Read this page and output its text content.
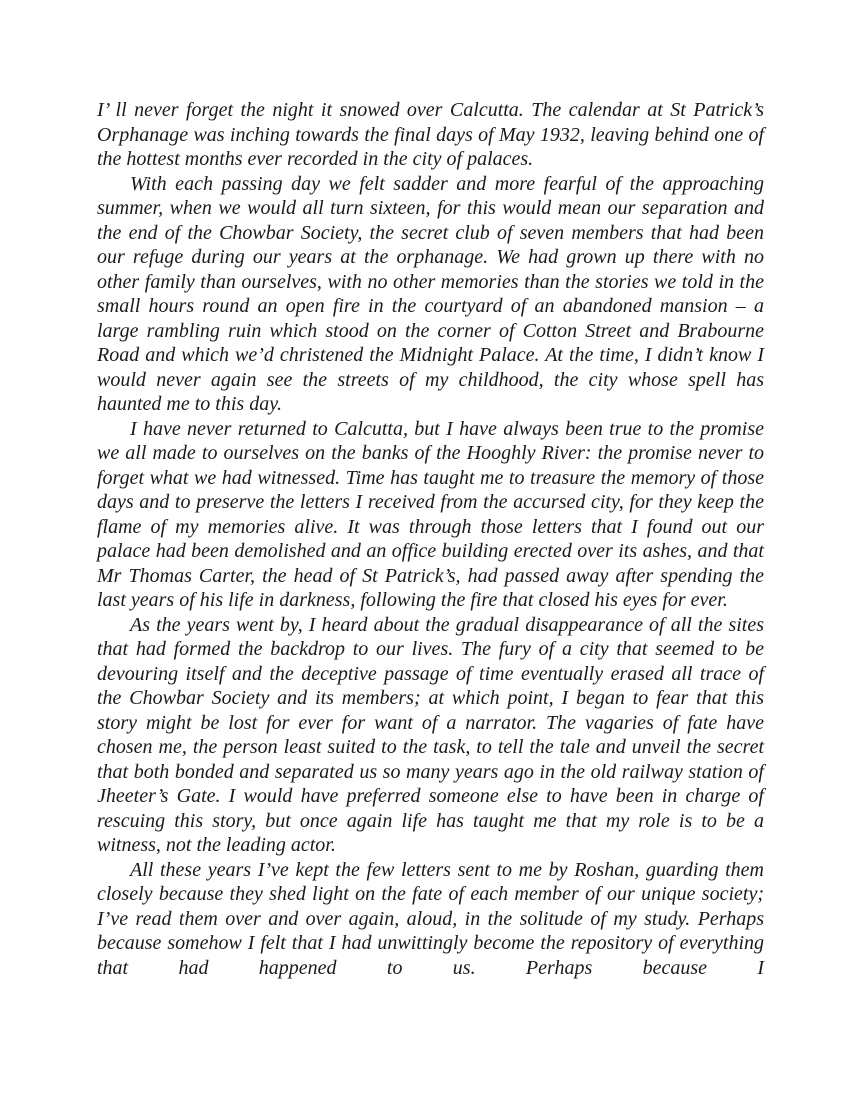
I’ ll never forget the night it snowed over Calcutta. The calendar at St Patrick’s Orphanage was inching towards the final days of May 1932, leaving behind one of the hottest months ever recorded in the city of palaces.

With each passing day we felt sadder and more fearful of the approaching summer, when we would all turn sixteen, for this would mean our separation and the end of the Chowbar Society, the secret club of seven members that had been our refuge during our years at the orphanage. We had grown up there with no other family than ourselves, with no other memories than the stories we told in the small hours round an open fire in the courtyard of an abandoned mansion – a large rambling ruin which stood on the corner of Cotton Street and Brabourne Road and which we’d christened the Midnight Palace. At the time, I didn’t know I would never again see the streets of my childhood, the city whose spell has haunted me to this day.

I have never returned to Calcutta, but I have always been true to the promise we all made to ourselves on the banks of the Hooghly River: the promise never to forget what we had witnessed. Time has taught me to treasure the memory of those days and to preserve the letters I received from the accursed city, for they keep the flame of my memories alive. It was through those letters that I found out our palace had been demolished and an office building erected over its ashes, and that Mr Thomas Carter, the head of St Patrick’s, had passed away after spending the last years of his life in darkness, following the fire that closed his eyes for ever.

As the years went by, I heard about the gradual disappearance of all the sites that had formed the backdrop to our lives. The fury of a city that seemed to be devouring itself and the deceptive passage of time eventually erased all trace of the Chowbar Society and its members; at which point, I began to fear that this story might be lost for ever for want of a narrator. The vagaries of fate have chosen me, the person least suited to the task, to tell the tale and unveil the secret that both bonded and separated us so many years ago in the old railway station of Jheeter’s Gate. I would have preferred someone else to have been in charge of rescuing this story, but once again life has taught me that my role is to be a witness, not the leading actor.

All these years I’ve kept the few letters sent to me by Roshan, guarding them closely because they shed light on the fate of each member of our unique society; I’ve read them over and over again, aloud, in the solitude of my study. Perhaps because somehow I felt that I had unwittingly become the repository of everything that had happened to us. Perhaps because I
